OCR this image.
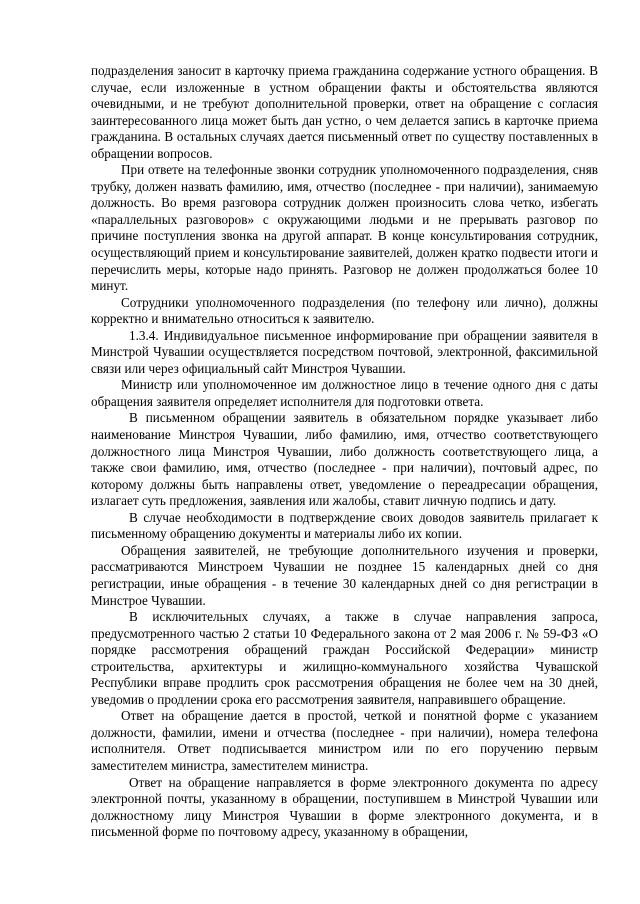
подразделения заносит в карточку приема гражданина содержание устного обращения. В случае, если изложенные в устном обращении факты и обстоятельства являются очевидными, и не требуют дополнительной проверки, ответ на обращение с согласия заинтересованного лица может быть дан устно, о чем делается запись в карточке приема гражданина. В остальных случаях дается письменный ответ по существу поставленных в обращении вопросов.

При ответе на телефонные звонки сотрудник уполномоченного подразделения, сняв трубку, должен назвать фамилию, имя, отчество (последнее - при наличии), занимаемую должность. Во время разговора сотрудник должен произносить слова четко, избегать «параллельных разговоров» с окружающими людьми и не прерывать разговор по причине поступления звонка на другой аппарат. В конце консультирования сотрудник, осуществляющий прием и консультирование заявителей, должен кратко подвести итоги и перечислить меры, которые надо принять. Разговор не должен продолжаться более 10 минут.

Сотрудники уполномоченного подразделения (по телефону или лично), должны корректно и внимательно относиться к заявителю.

1.3.4. Индивидуальное письменное информирование при обращении заявителя в Минстрой Чувашии осуществляется посредством почтовой, электронной, факсимильной связи или через официальный сайт Минстроя Чувашии.

Министр или уполномоченное им должностное лицо в течение одного дня с даты обращения заявителя определяет исполнителя для подготовки ответа.

В письменном обращении заявитель в обязательном порядке указывает либо наименование Минстроя Чувашии, либо фамилию, имя, отчество соответствующего должностного лица Минстроя Чувашии, либо должность соответствующего лица, а также свои фамилию, имя, отчество (последнее - при наличии), почтовый адрес, по которому должны быть направлены ответ, уведомление о переадресации обращения, излагает суть предложения, заявления или жалобы, ставит личную подпись и дату.

В случае необходимости в подтверждение своих доводов заявитель прилагает к письменному обращению документы и материалы либо их копии.

Обращения заявителей, не требующие дополнительного изучения и проверки, рассматриваются Минстроем Чувашии не позднее 15 календарных дней со дня регистрации, иные обращения - в течение 30 календарных дней со дня регистрации в Минстрое Чувашии.

В исключительных случаях, а также в случае направления запроса, предусмотренного частью 2 статьи 10 Федерального закона от 2 мая 2006 г. № 59-ФЗ «О порядке рассмотрения обращений граждан Российской Федерации» министр строительства, архитектуры и жилищно-коммунального хозяйства Чувашской Республики вправе продлить срок рассмотрения обращения не более чем на 30 дней, уведомив о продлении срока его рассмотрения заявителя, направившего обращение.

Ответ на обращение дается в простой, четкой и понятной форме с указанием должности, фамилии, имени и отчества (последнее - при наличии), номера телефона исполнителя. Ответ подписывается министром или по его поручению первым заместителем министра, заместителем министра.

Ответ на обращение направляется в форме электронного документа по адресу электронной почты, указанному в обращении, поступившем в Минстрой Чувашии или должностному лицу Минстроя Чувашии в форме электронного документа, и в письменной форме по почтовому адресу, указанному в обращении,
